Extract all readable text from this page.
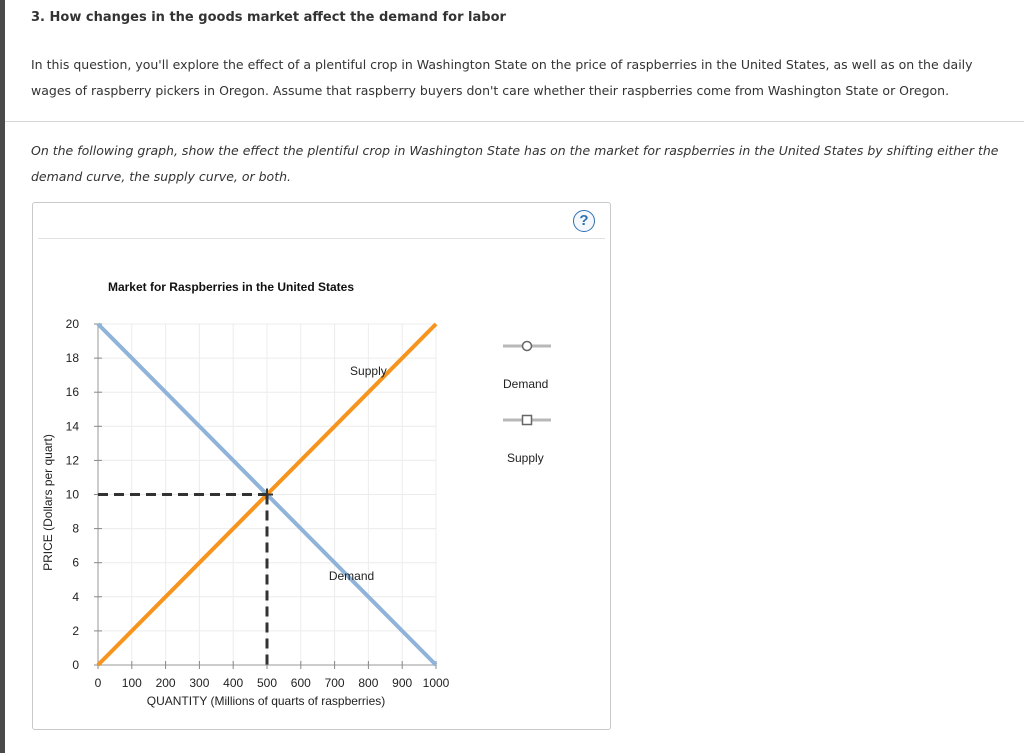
3. How changes in the goods market affect the demand for labor
In this question, you'll explore the effect of a plentiful crop in Washington State on the price of raspberries in the United States, as well as on the daily wages of raspberry pickers in Oregon. Assume that raspberry buyers don't care whether their raspberries come from Washington State or Oregon.
On the following graph, show the effect the plentiful crop in Washington State has on the market for raspberries in the United States by shifting either the demand curve, the supply curve, or both.
?
0
2
4
6
8
10
12
14
16
18
20
0 100 200 300 400 500 600 700 800 900 1000
Demand
Supply
Market for Raspberries in the United States
QUANTITY (Millions of quarts of raspberries)
PRICE (Dollars per quart)
Demand
Supply
